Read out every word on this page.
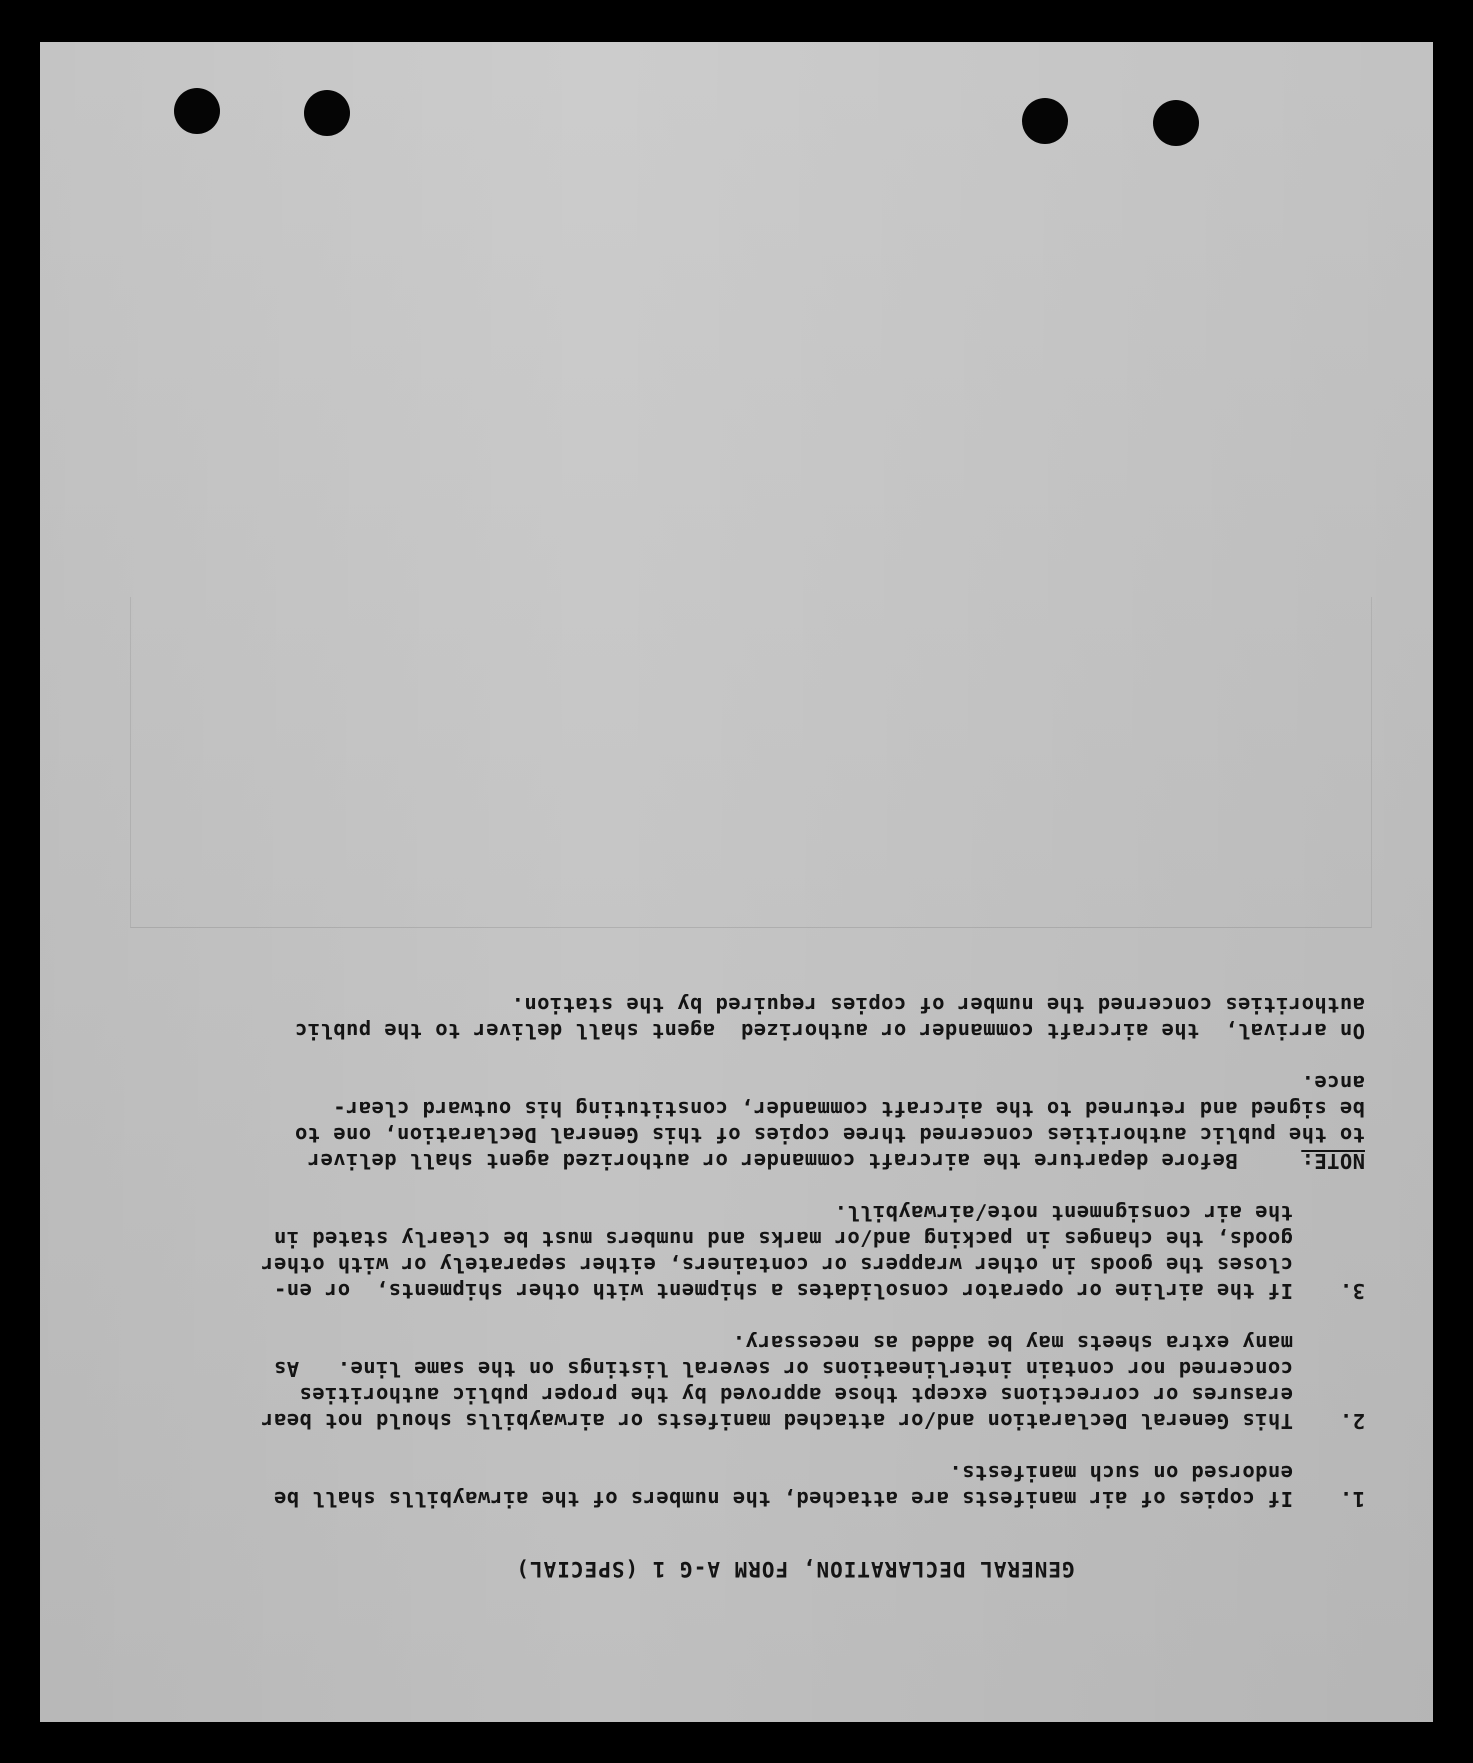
GENERAL DECLARATION, FORM A-G 1 (SPECIAL)
1.
If copies of air manifests are attached, the numbers of the airwaybills shall be
endorsed on such manifests.
2.
This General Declaration and/or attached manifests or airwaybills should not bear
erasures or corrections except those approved by the proper public authorities
concerned nor contain interlineations or several listings on the same line.   As
many extra sheets may be added as necessary.
3.
If the airline or operator consolidates a shipment with other shipments,  or en-
closes the goods in other wrappers or containers, either separately or with other
goods, the changes in packing and/or marks and numbers must be clearly stated in
the air consignment note/airwaybill.
NOTE:     Before departure the aircraft commander or authorized agent shall deliver
to the public authorities concerned three copies of this General Declaration, one to
be signed and returned to the aircraft commander, constituting his outward clear-
ance.
On arrival,  the aircraft commander or authorized  agent shall deliver to the public
authorities concerned the number of copies required by the station.
